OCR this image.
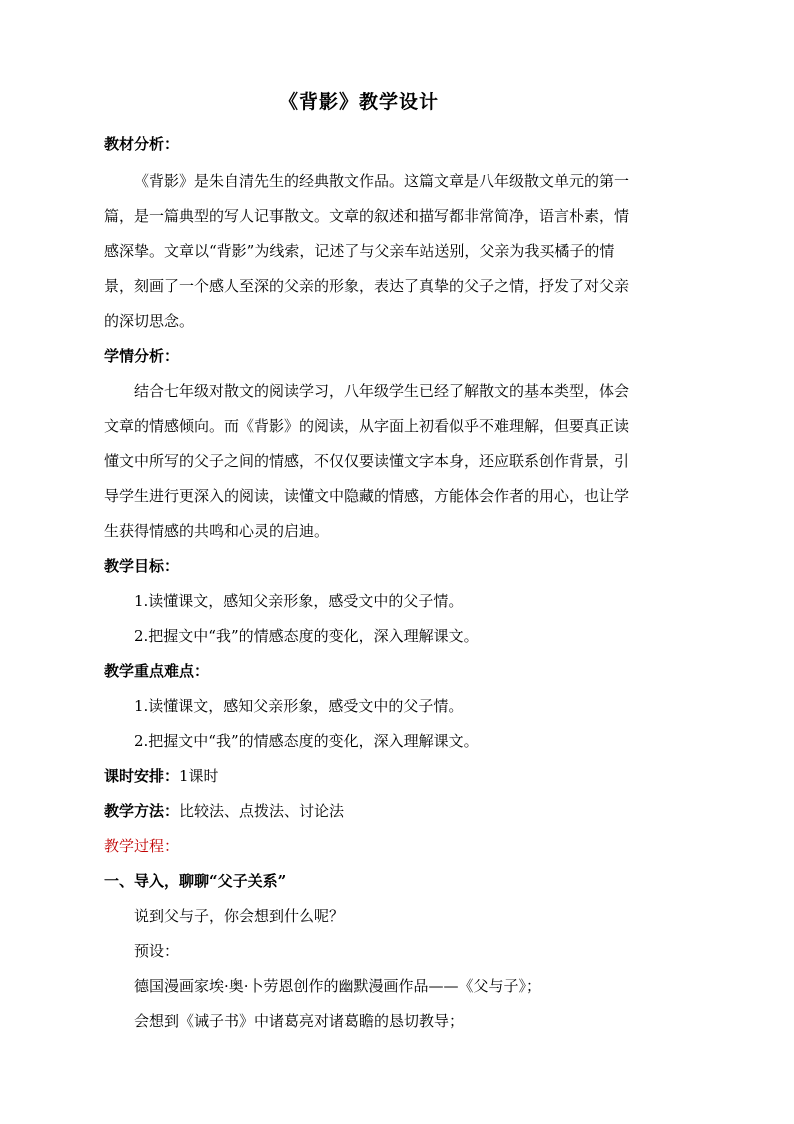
《背影》教学设计
教材分析：
《背影》是朱自清先生的经典散文作品。这篇文章是八年级散文单元的第一
篇，是一篇典型的写人记事散文。文章的叙述和描写都非常简净，语言朴素，情
感深挚。文章以“背影”为线索，记述了与父亲车站送别，父亲为我买橘子的情
景，刻画了一个感人至深的父亲的形象，表达了真挚的父子之情，抒发了对父亲
的深切思念。
学情分析：
结合七年级对散文的阅读学习，八年级学生已经了解散文的基本类型，体会
文章的情感倾向。而《背影》的阅读，从字面上初看似乎不难理解，但要真正读
懂文中所写的父子之间的情感，不仅仅要读懂文字本身，还应联系创作背景，引
导学生进行更深入的阅读，读懂文中隐藏的情感，方能体会作者的用心，也让学
生获得情感的共鸣和心灵的启迪。
教学目标：
1.读懂课文，感知父亲形象，感受文中的父子情。
2.把握文中“我”的情感态度的变化，深入理解课文。
教学重点难点：
1.读懂课文，感知父亲形象，感受文中的父子情。
2.把握文中“我”的情感态度的变化，深入理解课文。
课时安排：1课时
教学方法：比较法、点拨法、讨论法
教学过程：
一、导入，聊聊“父子关系”
说到父与子，你会想到什么呢？
预设：
德国漫画家埃·奥·卜劳恩创作的幽默漫画作品——《父与子》；
会想到《诫子书》中诸葛亮对诸葛瞻的恳切教导；
